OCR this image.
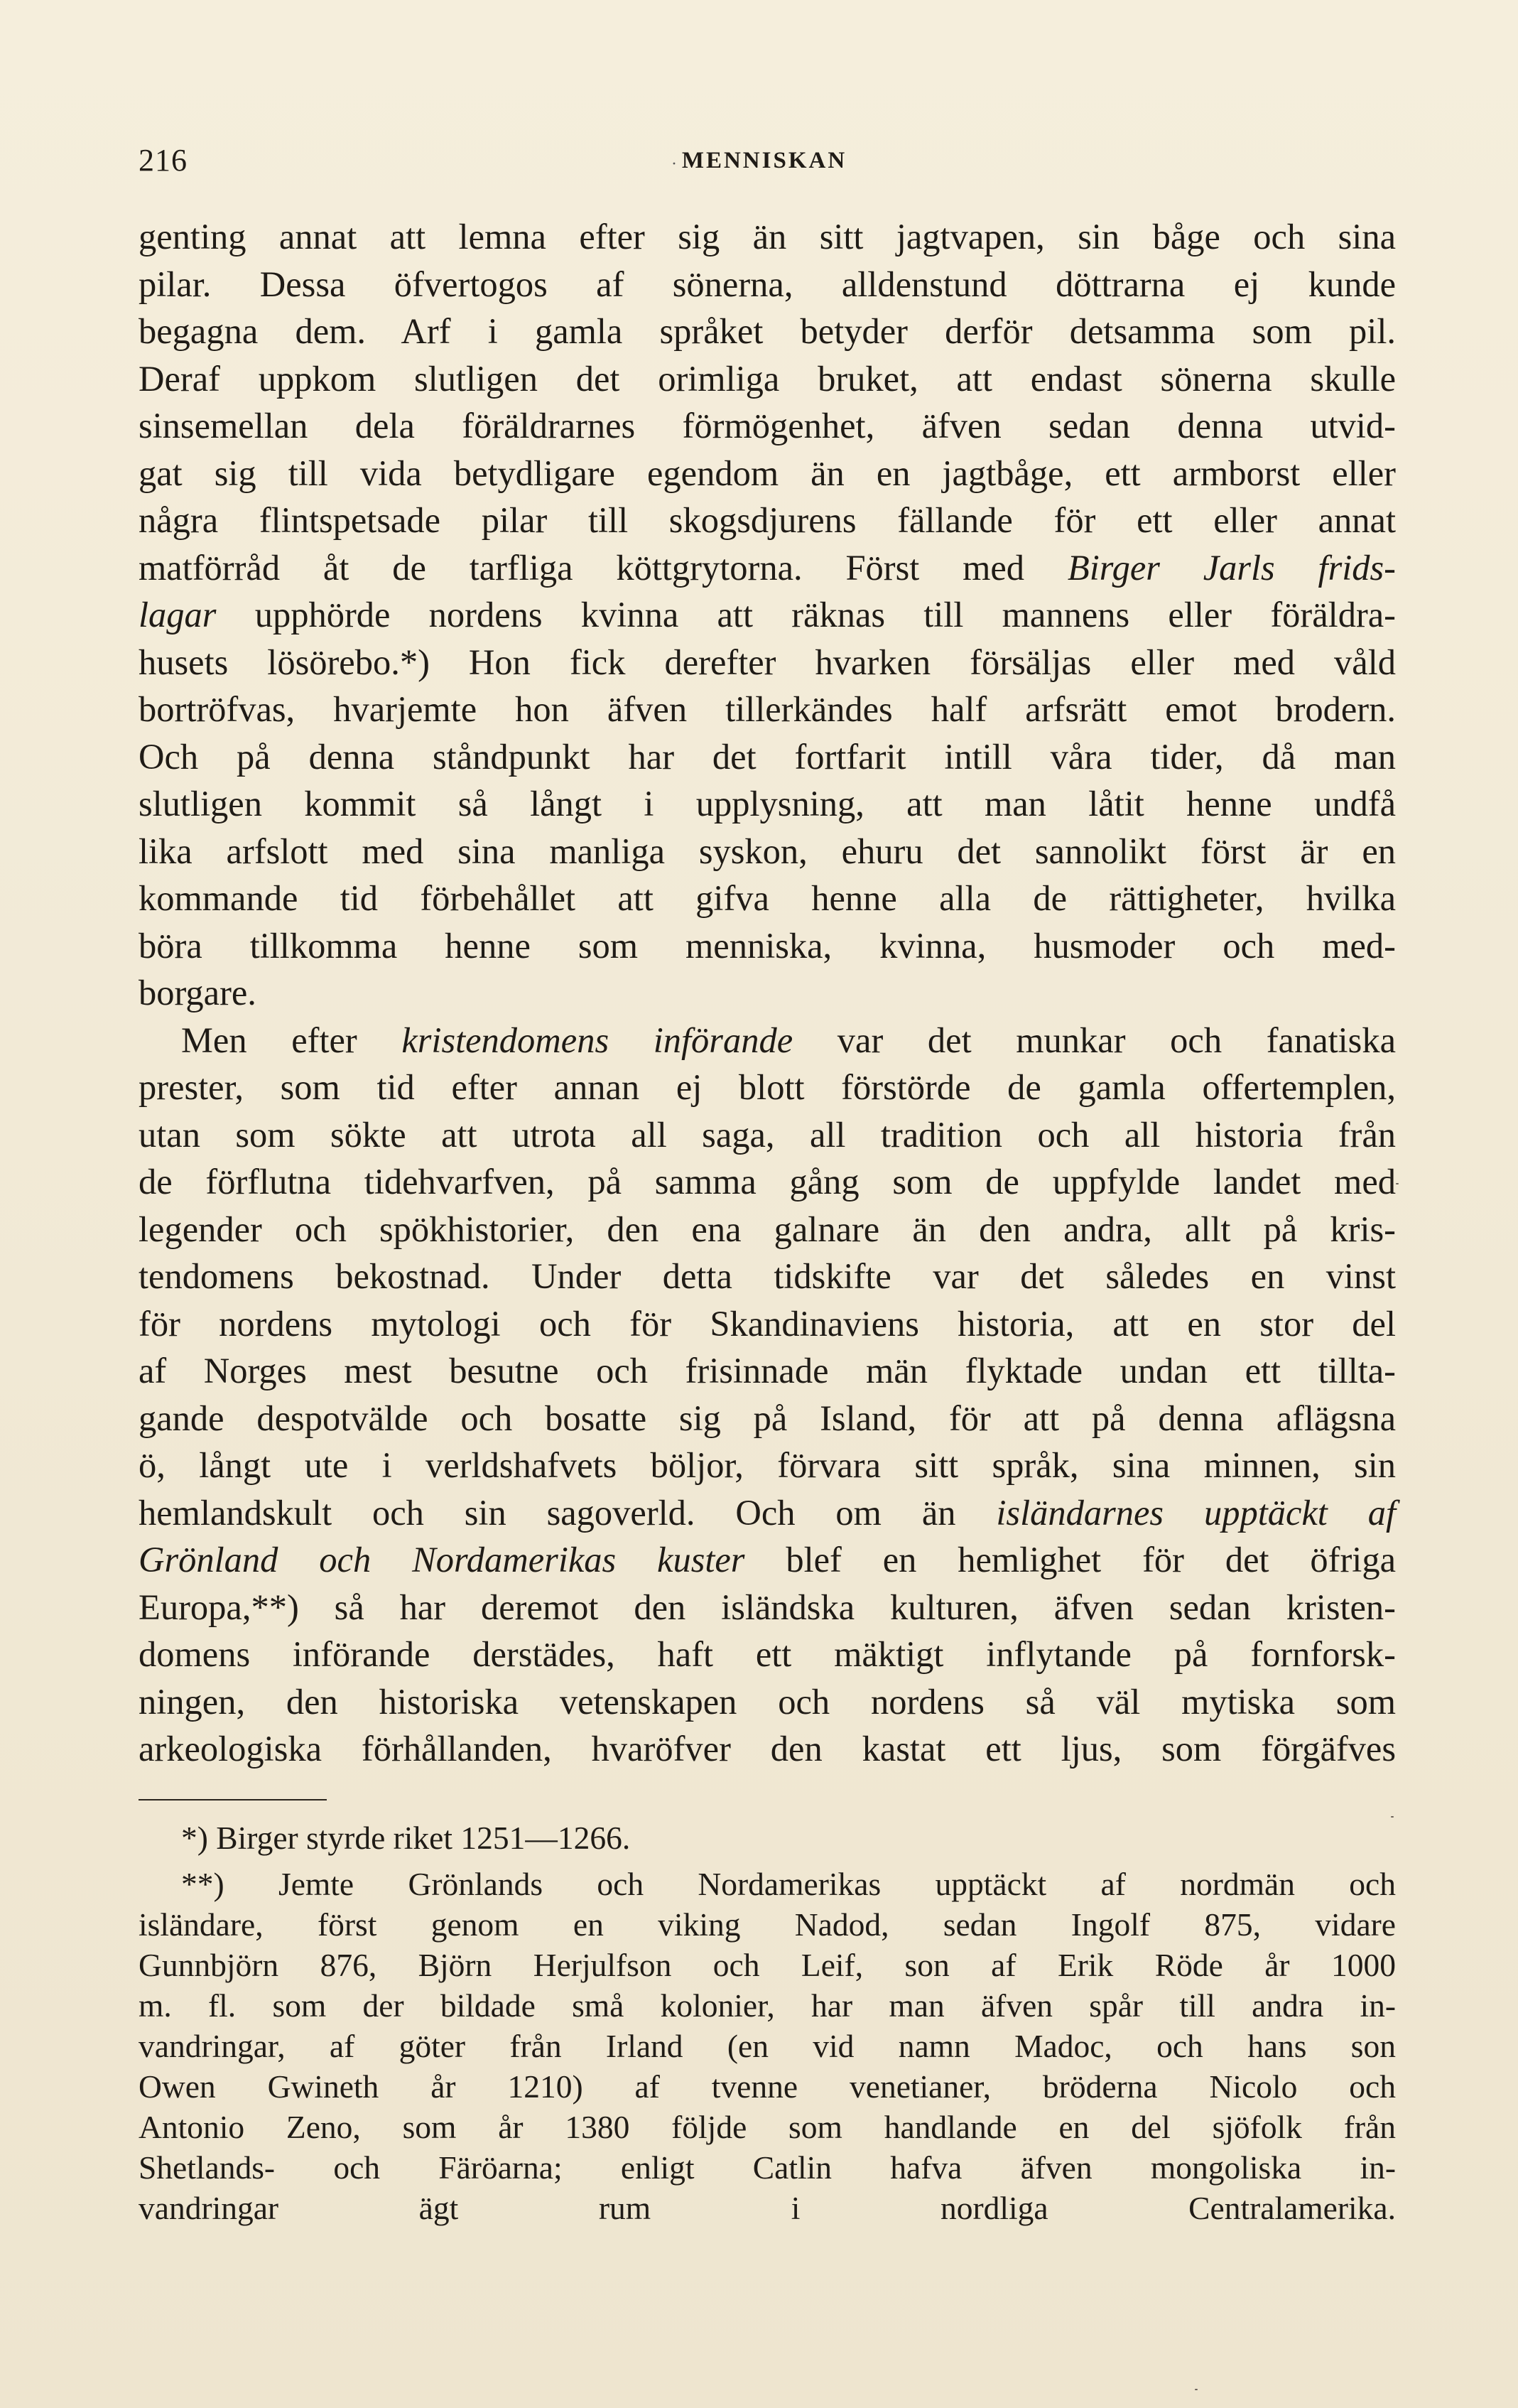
216	· MENNISKAN
genting annat att lemna efter sig än sitt jagtvapen, sin båge och sina
pilar. Dessa öfvertogos af sönerna, alldenstund döttrarna ej kunde
begagna dem. Arf i gamla språket betyder derför detsamma som pil.
Deraf uppkom slutligen det orimliga bruket, att endast sönerna skulle
sinsemellan dela föräldrarnes förmögenhet, äfven sedan denna utvid-
gat sig till vida betydligare egendom än en jagtbåge, ett armborst eller
några flintspetsade pilar till skogsdjurens fällande för ett eller annat
matförråd åt de tarfliga köttgrytorna. Först med Birger Jarls frids-
lagar upphörde nordens kvinna att räknas till mannens eller föräldra-
husets lösörebo.*) Hon fick derefter hvarken försäljas eller med våld
bortröfvas, hvarjemte hon äfven tillerkändes half arfsrätt emot brodern.
Och på denna ståndpunkt har det fortfarit intill våra tider, då man
slutligen kommit så långt i upplysning, att man låtit henne undfå
lika arfslott med sina manliga syskon, ehuru det sannolikt först är en
kommande tid förbehållet att gifva henne alla de rättigheter, hvilka
böra tillkomma henne som menniska, kvinna, husmoder och med-
borgare.
Men efter kristendomens införande var det munkar och fanatiska
prester, som tid efter annan ej blott förstörde de gamla offertemplen,
utan som sökte att utrota all saga, all tradition och all historia från
de förflutna tidehvarfven, på samma gång som de uppfylde landet med
legender och spökhistorier, den ena galnare än den andra, allt på kris-
tendomens bekostnad. Under detta tidskifte var det således en vinst
för nordens mytologi och för Skandinaviens historia, att en stor del
af Norges mest besutne och frisinnade män flyktade undan ett tillta-
gande despotvälde och bosatte sig på Island, för att på denna aflägsna
ö, långt ute i verldshafvets böljor, förvara sitt språk, sina minnen, sin
hemlandskult och sin sagoverld. Och om än isländarnes upptäckt af
Grönland och Nordamerikas kuster blef en hemlighet för det öfriga
Europa,**) så har deremot den isländska kulturen, äfven sedan kristen-
domens införande derstädes, haft ett mäktigt inflytande på fornforsk-
ningen, den historiska vetenskapen och nordens så väl mytiska som
arkeologiska förhållanden, hvaröfver den kastat ett ljus, som förgäfves
*) Birger styrde riket 1251—1266.
**) Jemte Grönlands och Nordamerikas upptäckt af nordmän och
isländare, först genom en viking Nadod, sedan Ingolf 875, vidare
Gunnbjörn 876, Björn Herjulfson och Leif, son af Erik Röde år 1000
m. fl. som der bildade små kolonier, har man äfven spår till andra in-
vandringar, af göter från Irland (en vid namn Madoc, och hans son
Owen Gwineth år 1210) af tvenne venetianer, bröderna Nicolo och
Antonio Zeno, som år 1380 följde som handlande en del sjöfolk från
Shetlands- och Färöarna; enligt Catlin hafva äfven mongoliska in-
vandringar ägt rum i nordliga Centralamerika.
